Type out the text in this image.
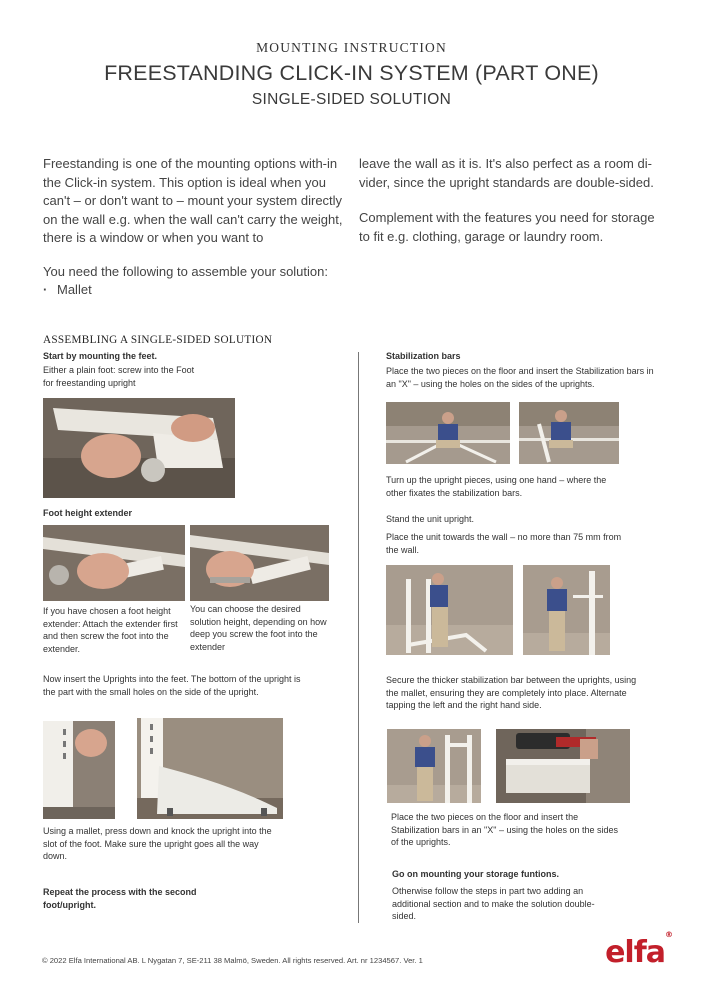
MOUNTING INSTRUCTION
FREESTANDING CLICK-IN SYSTEM (PART ONE)
SINGLE-SIDED SOLUTION
Freestanding is one of the mounting options with-in the Click-in system. This option is ideal when you can't – or don't want to – mount your system directly on the wall e.g. when the wall can't carry the weight, there is a window or when you want to
leave the wall as it is. It's also perfect as a room di-vider, since the upright standards are double-sided.
Complement with the features you need for storage to fit e.g. clothing, garage or laundry room.
You need the following to assemble your solution:
· Mallet
ASSEMBLING A SINGLE-SIDED SOLUTION
Start by mounting the feet.
Either a plain foot: screw into the Foot for freestanding upright
Foot height extender
If you have chosen a foot height extender: Attach the extender first and then screw the foot into the extender.
You can choose the desired solution height, depending on how deep you screw the foot into the extender
Now insert the Uprights into the feet. The bottom of the upright is the part with the small holes on the side of the upright.
Using a mallet, press down and knock the upright into the slot of the foot. Make sure the upright goes all the way down.
Repeat the process with the second foot/upright.
Stabilization bars
Place the two pieces on the floor and insert the Stabilization bars in an "X" – using the holes on the sides of the uprights.
Turn up the upright pieces, using one hand – where the other fixates the stabilization bars.
Stand the unit upright.
Place the unit towards the wall – no more than 75 mm from the wall.
Secure the thicker stabilization bar between the uprights, using the mallet, ensuring they are completely into place. Alternate tapping the left and the right hand side.
Place the two pieces on the floor and insert the Stabilization bars in an "X" – using the holes on the sides of the uprights.
Go on mounting your storage funtions.
Otherwise follow the steps in part two adding an additional section and to make the solution double-sided.
© 2022 Elfa International AB. L Nygatan 7, SE-211 38 Malmö, Sweden. All rights reserved. Art. nr 1234567. Ver. 1	elfa®
